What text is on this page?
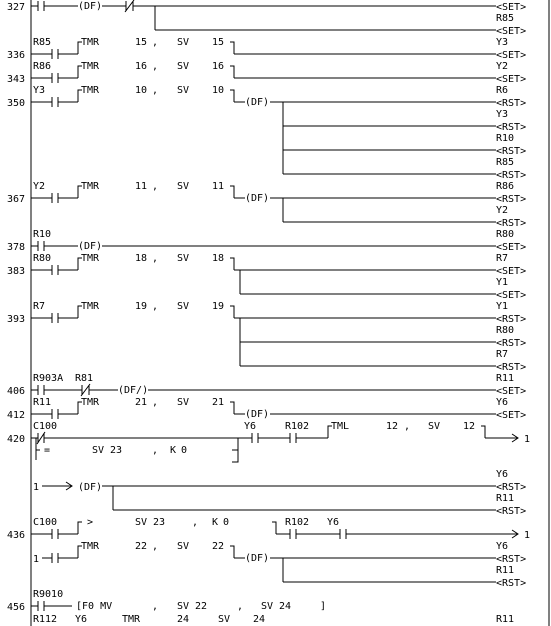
327
336
343
350
367
378
383
393
406
412
420
436
456
(DF)	<SET>
R85
<SET>
R85	TMR	15 , SV 15	Y3
<SET>
R86	TMR	16 , SV 16	Y2
<SET>
Y3	TMR	10 , SV 10
(DF)
R6
<RST>
Y3
<RST>
R10
<RST>
R85
<RST>
Y2	TMR	11 , SV 11
(DF)
R86
<RST>
Y2
<RST>
R10
(DF)
R80
<SET>
R80	TMR	18 , SV 18	R7
<SET>
Y1
<SET>
R7	TMR	19 , SV 19	Y1
<RST>
R80
<RST>
R7
<RST>
R903A R81
(DF/)
R11
<SET>
R11	TMR	21 , SV 21
(DF)
Y6
<SET>
C100
=	SV 23	, K 0
Y6	R102 TML	12 , SV 12
1
1	(DF)
Y6
<RST>
R11
<RST>
C100	>	SV 23	, K 0	R102 Y6
1
1
TMR	22 , SV 22
(DF)
Y6
<RST>
R11
<RST>
R9010
[F0 MV	, SV 22	, SV 24	]
R112 Y6	TMR	24	SV 24	R11
